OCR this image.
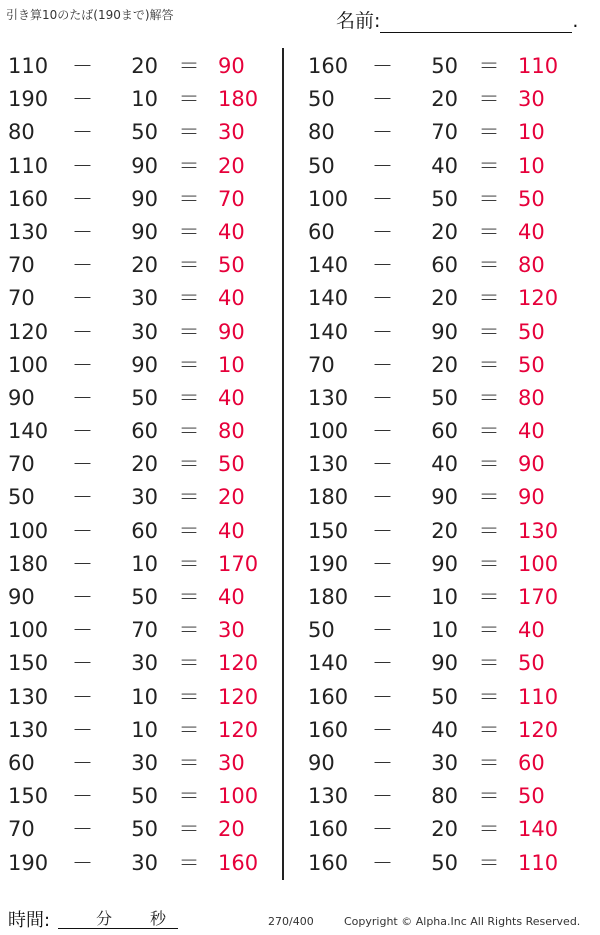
引き算10のたば(190まで)解答	名前:	.
110	－	20 ＝ 90
190	－	10 ＝ 180
80	－	50 ＝ 30
110	－	90 ＝ 20
160	－	90 ＝ 70
130	－	90 ＝ 40
70	－	20 ＝ 50
70	－	30 ＝ 40
120	－	30 ＝ 90
100	－	90 ＝ 10
90	－	50 ＝ 40
140	－	60 ＝ 80
70	－	20 ＝ 50
50	－	30 ＝ 20
100	－	60 ＝ 40
180	－	10 ＝ 170
90	－	50 ＝ 40
100	－	70 ＝ 30
150	－	30 ＝ 120
130	－	10 ＝ 120
130	－	10 ＝ 120
60	－	30 ＝ 30
150	－	50 ＝ 100
70	－	50 ＝ 20
190	－	30 ＝ 160
160	－	50 ＝ 110
50	－	20 ＝ 30
80	－	70 ＝ 10
50	－	40 ＝ 10
100	－	50 ＝ 50
60	－	20 ＝ 40
140	－	60 ＝ 80
140	－	20 ＝ 120
140	－	90 ＝ 50
70	－	20 ＝ 50
130	－	50 ＝ 80
100	－	60 ＝ 40
130	－	40 ＝ 90
180	－	90 ＝ 90
150	－	20 ＝ 130
190	－	90 ＝ 100
180	－	10 ＝ 170
50	－	10 ＝ 40
140	－	90 ＝ 50
160	－	50 ＝ 110
160	－	40 ＝ 120
90	－	30 ＝ 60
130	－	80 ＝ 50
160	－	20 ＝ 140
160	－	50 ＝ 110
時間:	分 秒	270/400	Copyright © Alpha.Inc All Rights Reserved.
